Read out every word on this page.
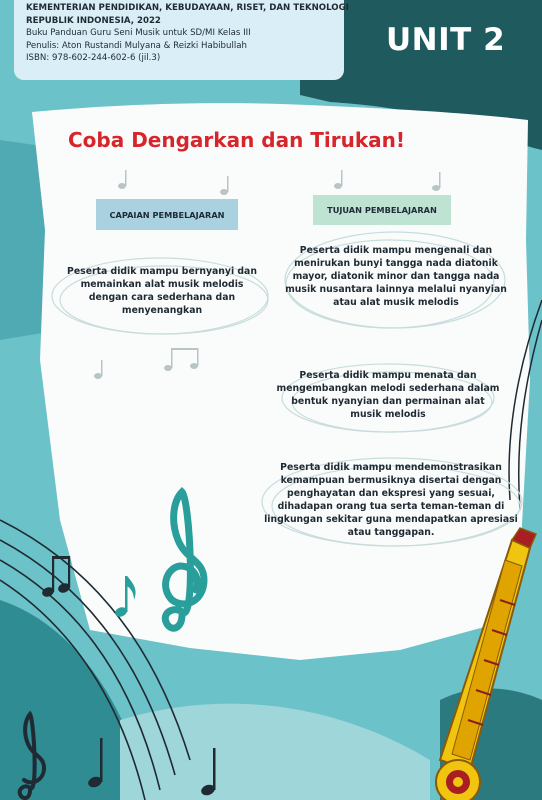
KEMENTERIAN PENDIDIKAN, KEBUDAYAAN, RISET, DAN TEKNOLOGI
REPUBLIK INDONESIA, 2022
Buku Panduan Guru Seni Musik untuk SD/MI Kelas III
Penulis: Aton Rustandi Mulyana & Reizki Habibullah
ISBN: 978-602-244-602-6 (jil.3)	UNIT 2
Coba Dengarkan dan Tirukan!
CAPAIAN PEMBELAJARAN	TUJUAN PEMBELAJARAN
Peserta didik mampu bernyanyi dan memainkan alat musik melodis dengan cara sederhana dan menyenangkan
Peserta didik mampu mengenali dan menirukan bunyi tangga nada diatonik mayor, diatonik minor dan tangga nada musik nusantara lainnya melalui nyanyian atau alat musik melodis
Peserta didik mampu menata dan mengembangkan melodi sederhana dalam bentuk nyanyian dan permainan alat musik melodis
Peserta didik mampu mendemonstrasikan kemampuan bermusiknya disertai dengan penghayatan dan ekspresi yang sesuai, dihadapan orang tua serta teman-teman di lingkungan sekitar guna mendapatkan apresiasi atau tanggapan.
